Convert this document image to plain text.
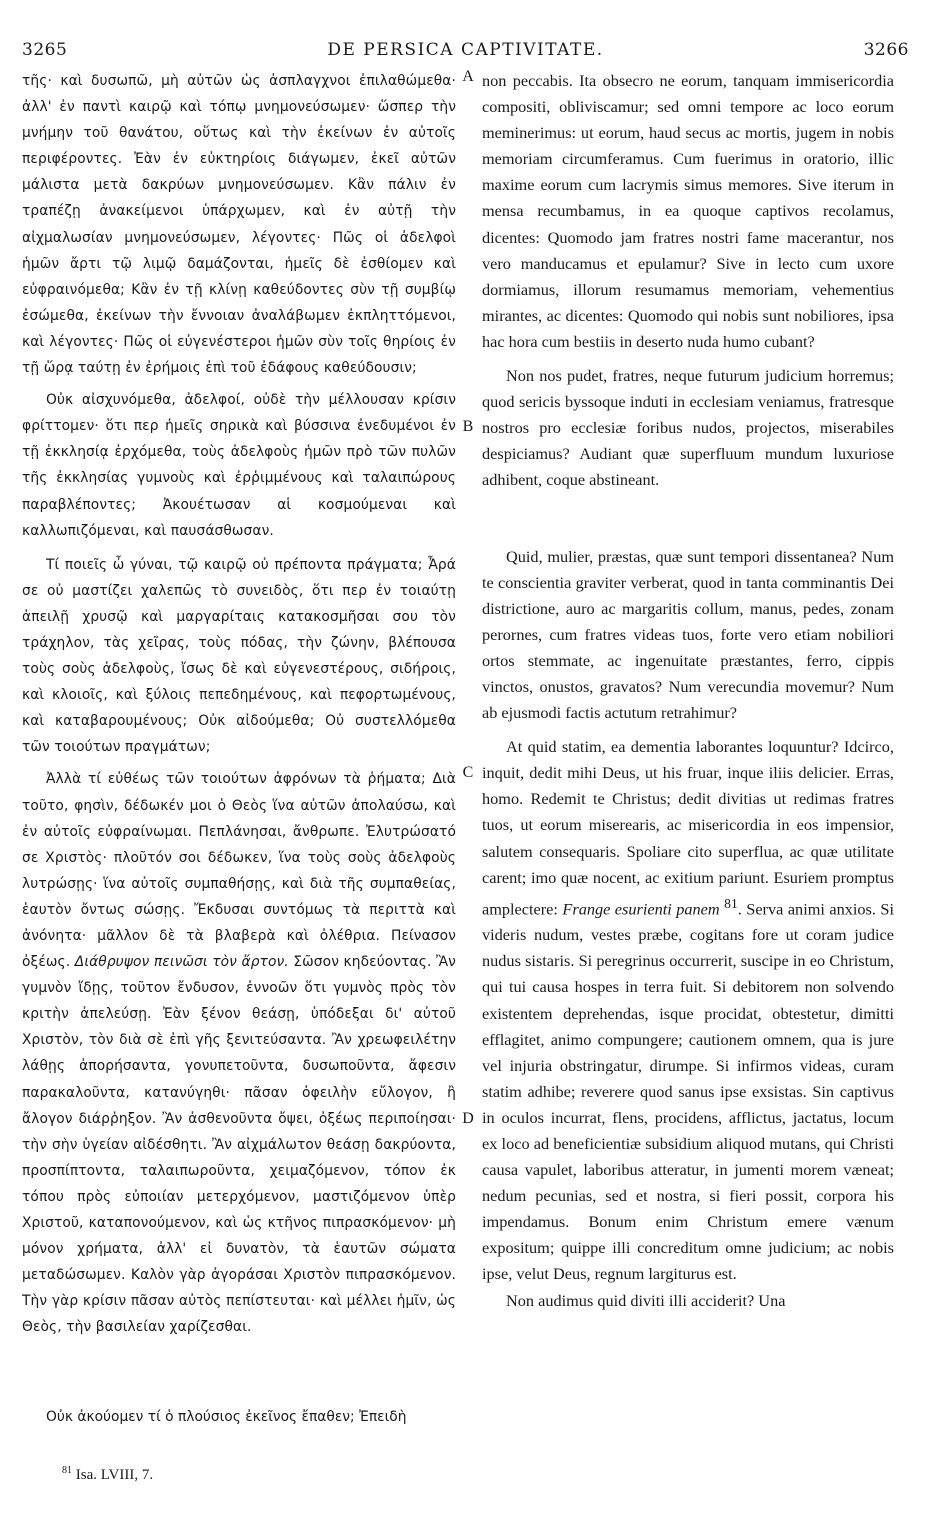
3265	DE PERSICA CAPTIVITATE.	3266

τῆς· καὶ δυσωπῶ, μὴ αὐτῶν ὡς ἀσπλαγχνοι ἐπιλαθώμεθα· ἀλλ' ἐν παντὶ καιρῷ καὶ τόπῳ μνημονεύσωμεν· ὥσπερ τὴν μνήμην τοῦ θανάτου, οὕτως καὶ τὴν ἐκείνων ἐν αὐτοῖς περιφέροντες. Ἐὰν ἐν εὐκτηρίοις διάγωμεν, ἐκεῖ αὐτῶν μάλιστα μετὰ δακρύων μνημονεύσωμεν. Κἂν πάλιν ἐν τραπέζῃ ἀνακείμενοι ὑπάρχωμεν, καὶ ἐν αὐτῇ τὴν αἰχμαλωσίαν μνημονεύσωμεν, λέγοντες· Πῶς οἱ ἀδελφοὶ ἡμῶν ἄρτι τῷ λιμῷ δαμάζονται, ἡμεῖς δὲ ἐσθίομεν καὶ εὐφραινόμεθα; Κἂν ἐν τῇ κλίνῃ καθεύδοντες σὺν τῇ συμβίῳ ἐσώμεθα, ἐκείνων τὴν ἔννοιαν ἀναλάβωμεν ἐκπληττόμενοι, καὶ λέγοντες· Πῶς οἱ εὐγενέστεροι ἡμῶν σὺν τοῖς θηρίοις ἐν τῇ ὥρᾳ ταύτῃ ἐν ἐρήμοις ἐπὶ τοῦ ἐδάφους καθεύδουσιν;

Οὐκ αἰσχυνόμεθα, ἀδελφοί, οὐδὲ τὴν μέλλουσαν κρίσιν φρίττομεν· ὅτι περ ἡμεῖς σηρικὰ καὶ βύσσινα ἐνεδυμένοι ἐν τῇ ἐκκλησίᾳ ἐρχόμεθα, τοὺς ἀδελφοὺς ἡμῶν πρὸ τῶν πυλῶν τῆς ἐκκλησίας γυμνοὺς καὶ ἐρῥιμμένους καὶ ταλαιπώρους παραβλέποντες; Ἀκουέτωσαν αἱ κοσμούμεναι καὶ καλλωπιζόμεναι, καὶ παυσάσθωσαν.

Τί ποιεῖς ὦ γύναι, τῷ καιρῷ οὐ πρέποντα πράγματα; Ἆρά σε οὐ μαστίζει χαλεπῶς τὸ συνειδὸς, ὅτι περ ἐν τοιαύτῃ ἀπειλῇ χρυσῷ καὶ μαργαρίταις κατακοσμῆσαι σου τὸν τράχηλον, τὰς χεῖρας, τοὺς πόδας, τὴν ζώνην, βλέπουσα τοὺς σοὺς ἀδελφοὺς, ἴσως δὲ καὶ εὐγενεστέρους, σιδήροις, καὶ κλοιοῖς, καὶ ξύλοις πεπεδημένους, καὶ πεφορτωμένους, καὶ καταβαρουμένους; Οὐκ αἰδούμεθα; Οὐ συστελλόμεθα τῶν τοιούτων πραγμάτων;

Ἀλλὰ τί εὐθέως τῶν τοιούτων ἀφρόνων τὰ ῥήματα; Διὰ τοῦτο, φησὶν, δέδωκέν μοι ὁ Θεὸς ἵνα αὐτῶν ἀπολαύσω, καὶ ἐν αὐτοῖς εὐφραίνωμαι. Πεπλάνησαι, ἄνθρωπε. Ἐλυτρώσατό σε Χριστὸς· πλοῦτόν σοι δέδωκεν, ἵνα τοὺς σοὺς ἀδελφοὺς λυτρώσῃς· ἵνα αὐτοῖς συμπαθήσῃς, καὶ διὰ τῆς συμπαθείας, ἑαυτὸν ὄντως σώσῃς. Ἔκδυσαι συντόμως τὰ περιττὰ καὶ ἀνόνητα· μᾶλλον δὲ τὰ βλαβερὰ καὶ ὀλέθρια. Πείνασον ὀξέως. Διάθρυψον πεινῶσι τὸν ἄρτον. Σῶσον κηδεύοντας. Ἂν γυμνὸν ἴδῃς, τοῦτον ἔνδυσον, ἐννοῶν ὅτι γυμνὸς πρὸς τὸν κριτὴν ἀπελεύσῃ. Ἐὰν ξένον θεάσῃ, ὑπόδεξαι δι' αὐτοῦ Χριστὸν, τὸν διὰ σὲ ἐπὶ γῆς ξενιτεύσαντα. Ἂν χρεωφειλέτην λάθῃς ἀπορήσαντα, γονυπετοῦντα, δυσωποῦντα, ἄφεσιν παρακαλοῦντα, κατανύγηθι· πᾶσαν ὀφειλὴν εὔλογον, ἢ ἄλογον διάρῥηξον. Ἂν ἀσθενοῦντα ὄψει, ὀξέως περιποίησαι· τὴν σὴν ὑγείαν αἰδέσθητι. Ἂν αἰχμάλωτον θεάσῃ δακρύοντα, προσπίπτοντα, ταλαιπωροῦντα, χειμαζόμενον, τόπον ἐκ τόπου πρὸς εὐποιίαν μετερχόμενον, μαστιζόμενον ὑπὲρ Χριστοῦ, καταπονούμενον, καὶ ὡς κτῆνος πιπρασκόμενον· μὴ μόνον χρήματα, ἀλλ' εἰ δυνατὸν, τὰ ἑαυτῶν σώματα μεταδώσωμεν. Καλὸν γὰρ ἀγοράσαι Χριστὸν πιπρασκόμενον. Τὴν γὰρ κρίσιν πᾶσαν αὐτὸς πεπίστευται· καὶ μέλλει ἡμῖν, ὡς Θεὸς, τὴν βασιλείαν χαρίζεσθαι.

Οὐκ ἀκούομεν τί ὁ πλούσιος ἐκεῖνος ἔπαθεν; Ἐπειδὴ

A
B
C
D

non peccabis. Ita obsecro ne eorum, tanquam immisericordia compositi, obliviscamur; sed omni tempore ac loco eorum meminerimus: ut eorum, haud secus ac mortis, jugem in nobis memoriam circumferamus. Cum fuerimus in oratorio, illic maxime eorum cum lacrymis simus memores. Sive iterum in mensa recumbamus, in ea quoque captivos recolamus, dicentes: Quomodo jam fratres nostri fame macerantur, nos vero manducamus et epulamur? Sive in lecto cum uxore dormiamus, illorum resumamus memoriam, vehementius mirantes, ac dicentes: Quomodo qui nobis sunt nobiliores, ipsa hac hora cum bestiis in deserto nuda humo cubant?

Non nos pudet, fratres, neque futurum judicium horremus; quod sericis byssoque induti in ecclesiam veniamus, fratresque nostros pro ecclesiæ foribus nudos, projectos, miserabiles despiciamus? Audiant quæ superfluum mundum luxuriose adhibent, coque abstineant.

Quid, mulier, præstas, quæ sunt tempori dissentanea? Num te conscientia graviter verberat, quod in tanta comminantis Dei districtione, auro ac margaritis collum, manus, pedes, zonam perornes, cum fratres videas tuos, forte vero etiam nobiliori ortos stemmate, ac ingenuitate præstantes, ferro, cippis vinctos, onustos, gravatos? Num verecundia movemur? Num ab ejusmodi factis actutum retrahimur?

At quid statim, ea dementia laborantes loquuntur? Idcirco, inquit, dedit mihi Deus, ut his fruar, inque iliis delicier. Erras, homo. Redemit te Christus; dedit divitias ut redimas fratres tuos, ut eorum miserearis, ac misericordia in eos impensior, salutem consequaris. Spoliare cito superflua, ac quæ utilitate carent; imo quæ nocent, ac exitium pariunt. Esuriem promptus amplectere: Frange esurienti panem $^{81}$. Serva animi anxios. Si videris nudum, vestes præbe, cogitans fore ut coram judice nudus sistaris. Si peregrinus occurrerit, suscipe in eo Christum, qui tui causa hospes in terra fuit. Si debitorem non solvendo existentem deprehendas, isque procidat, obtestetur, dimitti efflagitet, animo compungere; cautionem omnem, qua is jure vel injuria obstringatur, dirumpe. Si infirmos videas, curam statim adhibe; reverere quod sanus ipse exsistas. Sin captivus in oculos incurrat, flens, procidens, afflictus, jactatus, locum ex loco ad beneficientiæ subsidium aliquod mutans, qui Christi causa vapulet, laboribus atteratur, in jumenti morem væneat; nedum pecunias, sed et nostra, si fieri possit, corpora his impendamus. Bonum enim Christum emere vænum expositum; quippe illi concreditum omne judicium; ac nobis ipse, velut Deus, regnum largiturus est.

Non audimus quid diviti illi acciderit? Una

$^{81}$ Isa. LVIII, 7.
